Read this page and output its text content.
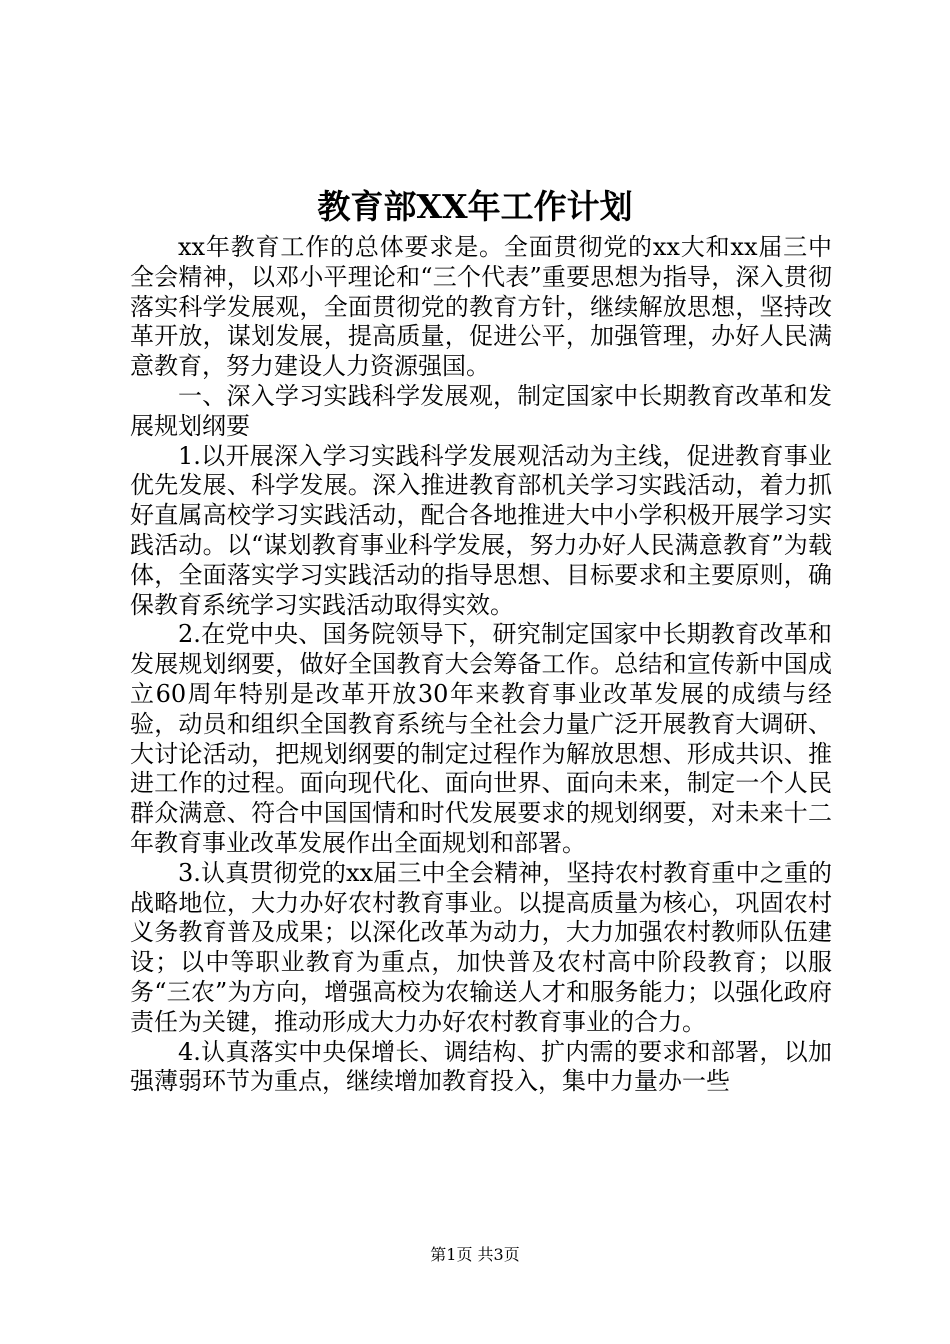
教育部XX年工作计划

xx年教育工作的总体要求是。全面贯彻党的xx大和xx届三中全会精神，以邓小平理论和“三个代表”重要思想为指导，深入贯彻落实科学发展观，全面贯彻党的教育方针，继续解放思想，坚持改革开放，谋划发展，提高质量，促进公平，加强管理，办好人民满意教育，努力建设人力资源强国。

一、深入学习实践科学发展观，制定国家中长期教育改革和发展规划纲要

1.以开展深入学习实践科学发展观活动为主线，促进教育事业优先发展、科学发展。深入推进教育部机关学习实践活动，着力抓好直属高校学习实践活动，配合各地推进大中小学积极开展学习实践活动。以“谋划教育事业科学发展，努力办好人民满意教育”为载体，全面落实学习实践活动的指导思想、目标要求和主要原则，确保教育系统学习实践活动取得实效。

2.在党中央、国务院领导下，研究制定国家中长期教育改革和发展规划纲要，做好全国教育大会筹备工作。总结和宣传新中国成立60周年特别是改革开放30年来教育事业改革发展的成绩与经验，动员和组织全国教育系统与全社会力量广泛开展教育大调研、大讨论活动，把规划纲要的制定过程作为解放思想、形成共识、推进工作的过程。面向现代化、面向世界、面向未来，制定一个人民群众满意、符合中国国情和时代发展要求的规划纲要，对未来十二年教育事业改革发展作出全面规划和部署。

3.认真贯彻党的xx届三中全会精神，坚持农村教育重中之重的战略地位，大力办好农村教育事业。以提高质量为核心，巩固农村义务教育普及成果；以深化改革为动力，大力加强农村教师队伍建设；以中等职业教育为重点，加快普及农村高中阶段教育；以服务“三农”为方向，增强高校为农输送人才和服务能力；以强化政府责任为关键，推动形成大力办好农村教育事业的合力。

4.认真落实中央保增长、调结构、扩内需的要求和部署，以加强薄弱环节为重点，继续增加教育投入，集中力量办一些

第1页 共3页
